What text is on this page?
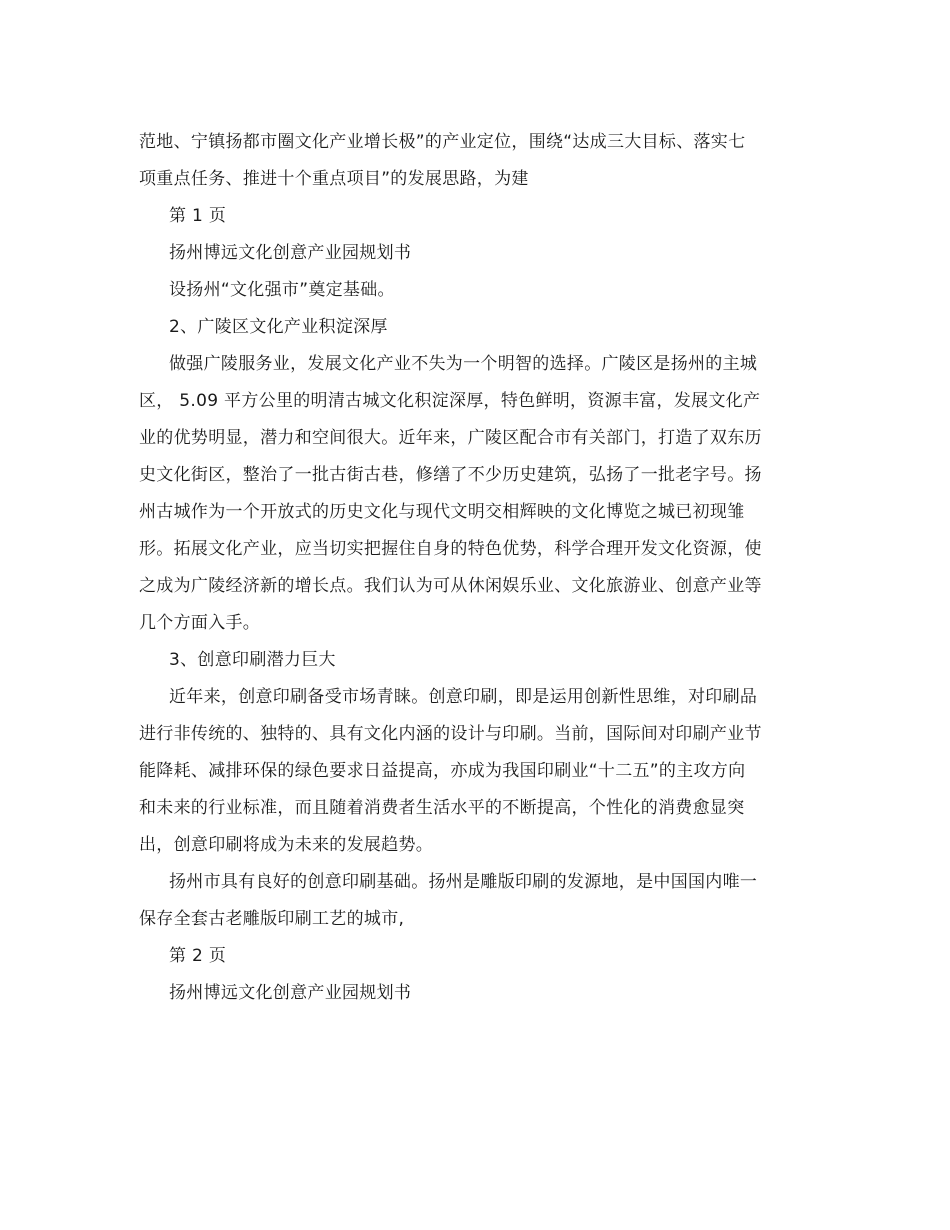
范地、宁镇扬都市圈文化产业增长极”的产业定位，围绕“达成三大目标、落实七
项重点任务、推进十个重点项目”的发展思路，为建
第 1 页
扬州博远文化创意产业园规划书
设扬州“文化强市”奠定基础。
2、广陵区文化产业积淀深厚
做强广陵服务业，发展文化产业不失为一个明智的选择。广陵区是扬州的主城
区， 5.09 平方公里的明清古城文化积淀深厚，特色鲜明，资源丰富，发展文化产
业的优势明显，潜力和空间很大。近年来，广陵区配合市有关部门，打造了双东历
史文化街区，整治了一批古街古巷，修缮了不少历史建筑，弘扬了一批老字号。扬
州古城作为一个开放式的历史文化与现代文明交相辉映的文化博览之城已初现雏
形。拓展文化产业，应当切实把握住自身的特色优势，科学合理开发文化资源，使
之成为广陵经济新的增长点。我们认为可从休闲娱乐业、文化旅游业、创意产业等
几个方面入手。
3、创意印刷潜力巨大
近年来，创意印刷备受市场青睐。创意印刷，即是运用创新性思维，对印刷品
进行非传统的、独特的、具有文化内涵的设计与印刷。当前，国际间对印刷产业节
能降耗、减排环保的绿色要求日益提高，亦成为我国印刷业“十二五”的主攻方向
和未来的行业标准，而且随着消费者生活水平的不断提高，个性化的消费愈显突
出，创意印刷将成为未来的发展趋势。
扬州市具有良好的创意印刷基础。扬州是雕版印刷的发源地，是中国国内唯一
保存全套古老雕版印刷工艺的城市,
第 2 页
扬州博远文化创意产业园规划书
